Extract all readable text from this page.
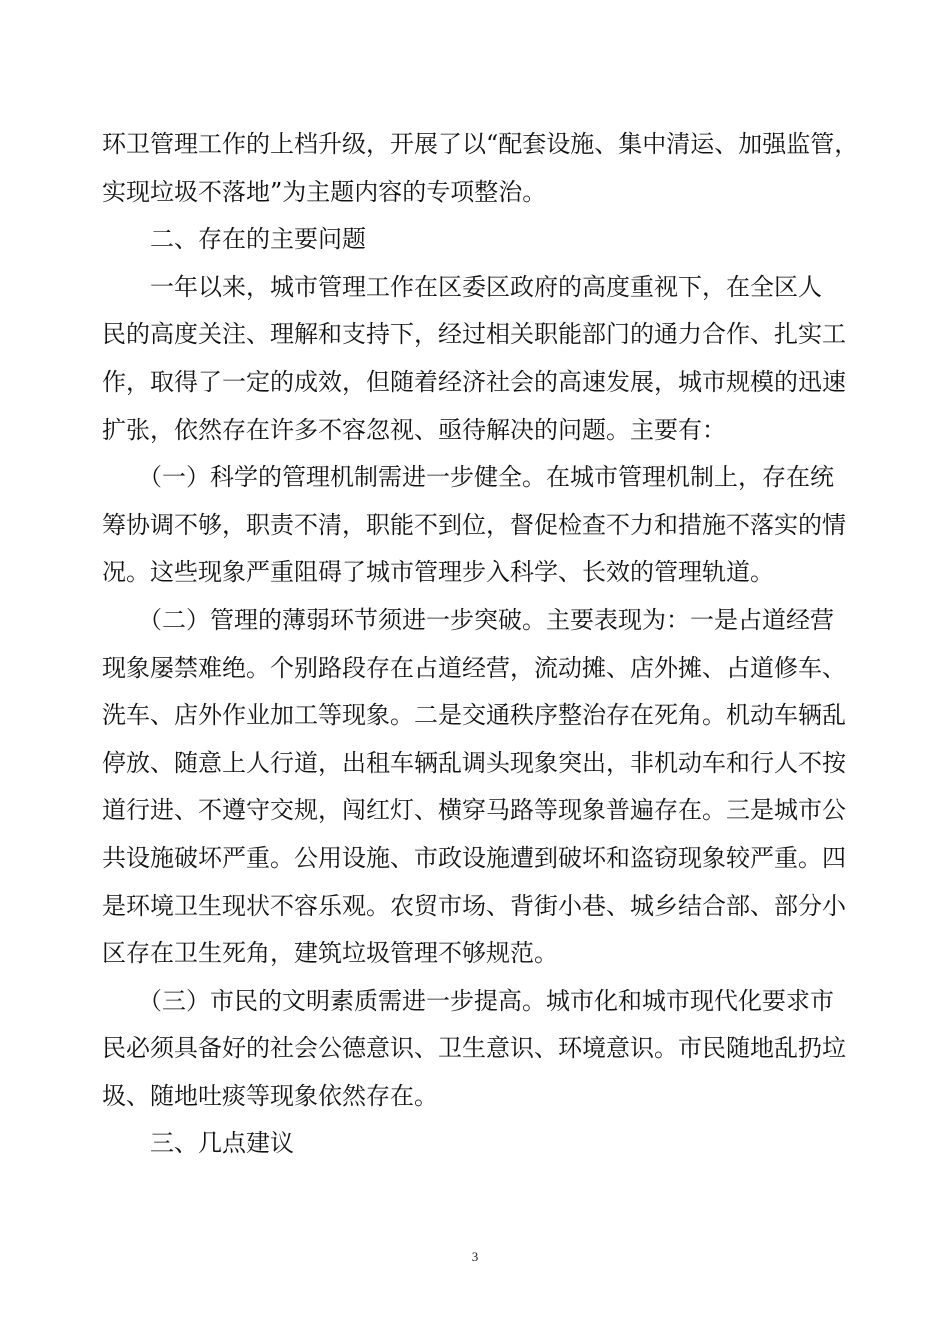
环卫管理工作的上档升级，开展了以“配套设施、集中清运、加强监管，
实现垃圾不落地”为主题内容的专项整治。
　　二、存在的主要问题
　　一年以来，城市管理工作在区委区政府的高度重视下，在全区人
民的高度关注、理解和支持下，经过相关职能部门的通力合作、扎实工
作，取得了一定的成效，但随着经济社会的高速发展，城市规模的迅速
扩张，依然存在许多不容忽视、亟待解决的问题。主要有：
　　（一）科学的管理机制需进一步健全。在城市管理机制上，存在统
筹协调不够，职责不清，职能不到位，督促检查不力和措施不落实的情
况。这些现象严重阻碍了城市管理步入科学、长效的管理轨道。
　　（二）管理的薄弱环节须进一步突破。主要表现为：一是占道经营
现象屡禁难绝。个别路段存在占道经营，流动摊、店外摊、占道修车、
洗车、店外作业加工等现象。二是交通秩序整治存在死角。机动车辆乱
停放、随意上人行道，出租车辆乱调头现象突出，非机动车和行人不按
道行进、不遵守交规，闯红灯、横穿马路等现象普遍存在。三是城市公
共设施破坏严重。公用设施、市政设施遭到破坏和盗窃现象较严重。四
是环境卫生现状不容乐观。农贸市场、背街小巷、城乡结合部、部分小
区存在卫生死角，建筑垃圾管理不够规范。
　　（三）市民的文明素质需进一步提高。城市化和城市现代化要求市
民必须具备好的社会公德意识、卫生意识、环境意识。市民随地乱扔垃
圾、随地吐痰等现象依然存在。
　　三、几点建议
3
